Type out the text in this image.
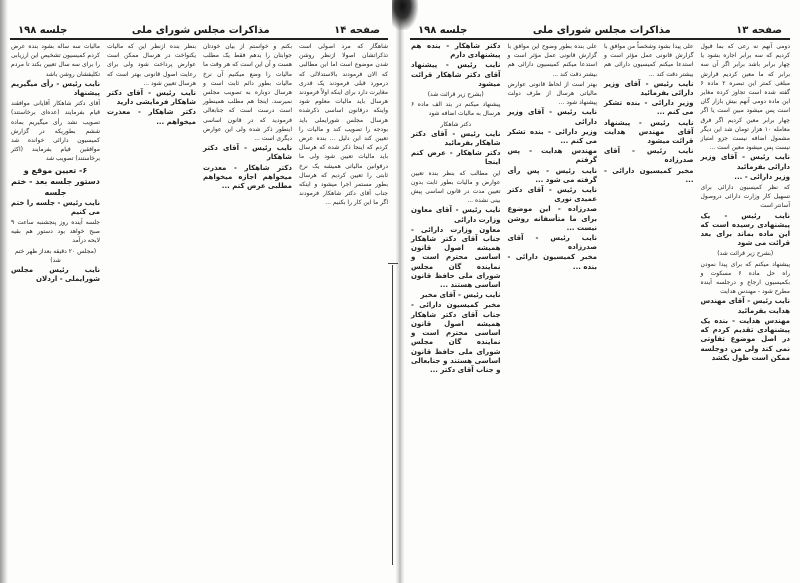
صفحه ۱۴
مذاکرات مجلس شورای ملی
جلسه ۱۹۸

شاهگار که مرد اصولی است تذکراتشان اصولا ازنظر روشن شدن موضوع است اما این مطالبی که الان فرمودند بالاستدلالی که درمورد قبلی فرمودند یک قدری مغایرت دارد برای اینکه اولاً فرمودند هرسال باید مالیات معلوم شود واینکه درقانون اساسی ذکرشده هرسال مجلس شورایملی باید بودجه را تصویب کند و مالیات را تعیین کند این دلیل ... بنده عرض کردم که اینجا ذکر شده که هرسال باید مالیات تعیین شود ولی ما درقوانین مالیاتی همیشه یک نرخ ثابتی را تعیین کردیم که هرسال بطور مستمر اجرا میشود و اینکه جناب آقای دکتر شاهکار فرمودند اگر ما این کار را بکنیم ...

بکنم و خواستم از بیان خودتان جوابتان را بدهم فقط یک مطلب هست و آن این است که هر وقت ما مالیات را وضع میکنیم آن نرخ مالیات بطور دائم ثابت است و هرسال دوباره به تصویب مجلس نمیرسد. اینجا هم مطلب همینطور است درست است که جنابعالی فرمودید که در قانون اساسی اینطور ذکر شده ولی این عوارض دیگری است ...

نایب رئیس - آقای دکتر شاهکار

دکتر شاهکار - معذرت میخواهم اجازه میخواهم مطلبی عرض کنم ...

بنظر بنده ازنظر این که مالیات یکنواخت در هرسال ممکن است عوارض پرداخت شود ولی برای رعایت اصول قانونی بهتر است که هرسال تعیین شود ...

نایب رئیس - آقای دکتر شاهکار فرمایشی دارید

دکتر شاهکار - معذرت میخواهم ...

مالیات سه ساله بشود بنده عرض کردم کمیسیون تشخیص این ارزیابی را برای سه سال تعیین بکند تا مردم تکلیفشان روشن باشد

نایب رئیس - رأی میگیریم پیشنهاد

آقای دکتر شاهکار آقایانی موافقند قیام بفرمایند (عده‌ای برخاستند) تصویب نشد رأی میگیریم بماده ششم بطوریکه در گزارش کمیسیون دارائی خوانده شد موافقین قیام بفرمایند (اکثر برخاستند) تصویب شد

۶- تعیین موقع و دستور جلسه بعد - ختم جلسه

نایب رئیس - جلسه را ختم می کنیم

جلسه آینده روز پنجشنبه ساعت ۹ صبح خواهد بود دستور هم بقیه لایحه درآمد

(مجلس ۲۰ دقیقه بعداز ظهر ختم شد)

نایب رئیس مجلس شورایملی - اردلان

صفحه ۱۳
مذاکرات مجلس شورای ملی
جلسه ۱۹۸

دومی آنهم نه رعی که بما قبول کردیم که سه برابر اجاره بشود یا چهار برابر باشد برابر اگر آن سه برابر که ما معین کردیم قرارش مبلغی کمتر این تبصره ۲ ماده ۶ گفته شده است تجاوز کرده مغایر این ماده دومی آنهم بیش بازار گان است پس میشود مبین است یا اگر چهار برابر معین کردیم اگر فرق معامله ۱۰ هزار تومان شد این دیگر مشمول اضافه نیست جزو امتیاز نیست پس میشود معین است ...

نایب رئیس - آقای وزیر دارائی بفرمائید

وزیر دارائی - ...

که نظر کمیسیون دارائی برای تسهیل کار وزارت دارائی دروصول آسانتر است

نایب رئیس - یک پیشنهادی رسیده است که این ماده بماند برای بعد قرائت می شود

(بشرح زیر قرائت شد)

پیشنهاد میکنم که برای پیدا نمودن راه حل ماده ۶ مسکوت و بکمیسیون ارجاع و درجلسه آینده مطرح شود - مهندس هدایت

نایب رئیس - آقای مهندس هدایت بفرمائید

مهندس هدایت - بنده یک پیشنهادی تقدیم کردم که در اصل موضوع تفاوتی نمی کند ولی من دوجلسه ممکن است طول بکشد

علی پیدا بشود وشخصاً من موافق با گزارش قانونی عمل مؤثر است و استدعا میکنم کمیسیون دارائی هم بیشتر دقت کند ...

نایب رئیس - آقای وزیر دارائی بفرمائید

وزیر دارائی - بنده تشکر می کنم ...

نایب رئیس - پیشنهاد آقای مهندس هدایت قرائت میشود

نایب رئیس - آقای صدرزاده

مخبر کمیسیون دارائی - ...

علی بنده بطور وضوح این موافق با گزارش قانونی عمل مؤثر است و استدعا میکنم کمیسیون دارائی هم بیشتر دقت کند ...

بهتر است از لحاظ قانونی عوارض مالیاتی هرسال از طرف دولت پیشنهاد شود ...

نایب رئیس - آقای وزیر دارائی

وزیر دارائی - بنده تشکر می کنم ...

مهندس هدایت - پس گرفتم

نایب رئیس - پس رأی گرفته می شود ...

نایب رئیس - آقای دکتر عمیدی نوری

صدرزاده - این موضوع برای ما متأسفانه روشن نیست ...

نایب رئیس - آقای صدرزاده

مخبر کمیسیون دارائی - بنده ...

دکتر شاهکار - بنده هم پیشنهادی دارم

نایب رئیس - پیشنهاد آقای دکتر شاهکار قرائت میشود

(بشرح زیر قرائت شد)

پیشنهاد میکنم در بند الف ماده ۶ هرسال به مالیات اضافه شود

دکتر شاهکار

نایب رئیس - آقای دکتر شاهکار بفرمائید

دکتر شاهکار - عرض کنم اینجا

این مطالب که بنظر بنده تعیین عوارض و مالیات بطور ثابت بدون تعیین مدت در قانون اساسی پیش بینی نشده ...

نایب رئیس - آقای معاون وزارت دارائی

معاون وزارت دارائی - جناب آقای دکتر شاهکار همیشه اصول قانون اساسی محترم است و نماینده گان مجلس شورای ملی حافظ قانون اساسی هستند ...

نایب رئیس - آقای مخبر

مخبر کمیسیون دارائی - جناب آقای دکتر شاهکار همیشه اصول قانون اساسی محترم است و نماینده گان مجلس شورای ملی حافظ قانون اساسی هستند و جنابعالی و جناب آقای دکتر ...
